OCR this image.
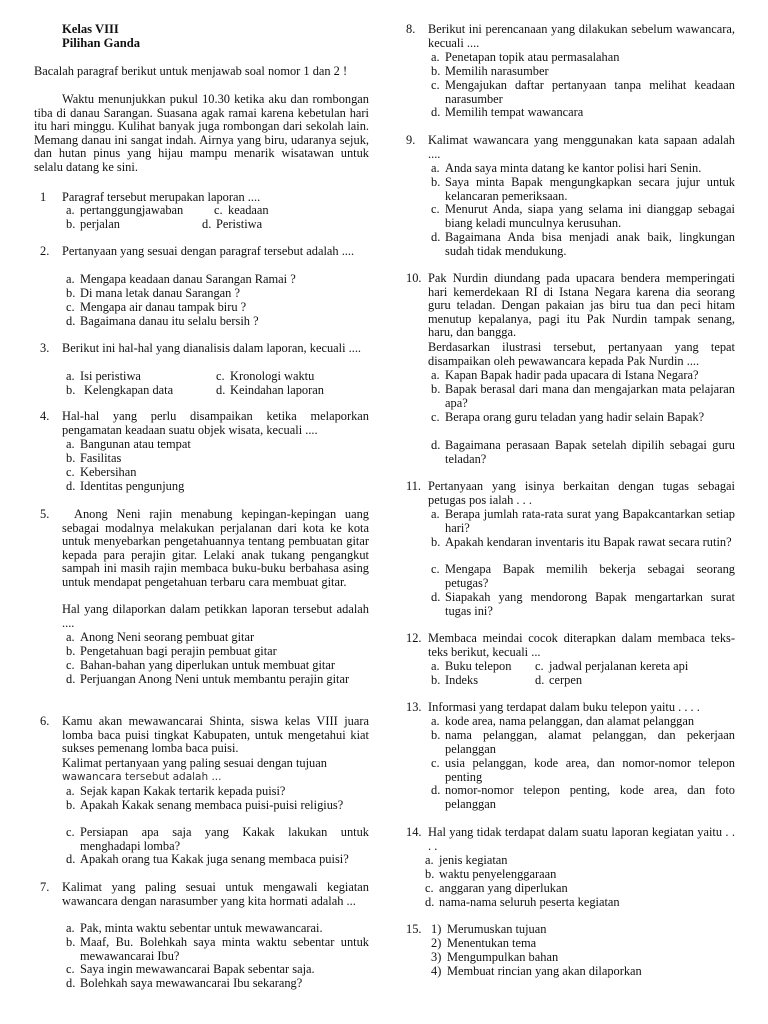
Kelas VIII
Pilihan Ganda

Bacalah paragraf berikut untuk menjawab soal nomor 1 dan 2 !

Waktu menunjukkan pukul 10.30 ketika aku dan rombongan tiba di danau Sarangan. Suasana agak ramai karena kebetulan hari itu hari minggu. Kulihat banyak juga rombongan dari sekolah lain. Memang danau ini sangat indah. Airnya yang biru, udaranya sejuk, dan hutan pinus yang hijau mampu menarik wisatawan untuk selalu datang ke sini.

1 Paragraf tersebut merupakan laporan ....
a. pertanggungjawaban c. keadaan
b. perjalan	d. Peristiwa
2. Pertanyaan yang sesuai dengan paragraf tersebut adalah ....
a. Mengapa keadaan danau Sarangan Ramai ?
b. Di mana letak danau Sarangan ?
c. Mengapa air danau tampak biru ?
d. Bagaimana danau itu selalu bersih ?
3. Berikut ini hal-hal yang dianalisis dalam laporan, kecuali ....
a. Isi peristiwa	c. Kronologi waktu
b. Kelengkapan data	d. Keindahan laporan
4. Hal-hal yang perlu disampaikan ketika melaporkan pengamatan keadaan suatu objek wisata, kecuali ....
a. Bangunan atau tempat
b. Fasilitas
c. Kebersihan
d. Identitas pengunjung
5.	Anong Neni rajin menabung kepingan-kepingan uang sebagai modalnya melakukan perjalanan dari kota ke kota untuk menyebarkan pengetahuannya tentang pembuatan gitar kepada para perajin gitar. Lelaki anak tukang pengangkut sampah ini masih rajin membaca buku-buku berbahasa asing untuk mendapat pengetahuan terbaru cara membuat gitar.

Hal yang dilaporkan dalam petikkan laporan tersebut adalah ....

a. Anong Neni seorang pembuat gitar
b. Pengetahuan bagi perajin pembuat gitar
c. Bahan-bahan yang diperlukan untuk membuat gitar
d. Perjuangan Anong Neni untuk membantu perajin gitar
6. Kamu akan mewawancarai Shinta, siswa kelas VIII juara lomba baca puisi tingkat Kabupaten, untuk mengetahui kiat sukses pemenang lomba baca puisi.

Kalimat pertanyaan yang paling sesuai dengan tujuan

wawancara tersebut adalah ...

a. Sejak kapan Kakak tertarik kepada puisi?
b. Apakah Kakak senang membaca puisi-puisi religius?
c. Persiapan apa saja yang Kakak lakukan untuk menghadapi lomba?
d. Apakah orang tua Kakak juga senang membaca puisi?
7. Kalimat yang paling sesuai untuk mengawali kegiatan wawancara dengan narasumber yang kita hormati adalah ...
a. Pak, minta waktu sebentar untuk mewawancarai.
b. Maaf, Bu. Bolehkah saya minta waktu sebentar untuk mewawancarai Ibu?
c. Saya ingin mewawancarai Bapak sebentar saja.
d. Bolehkah saya mewawancarai Ibu sekarang?
8. Berikut ini perencanaan yang dilakukan sebelum wawancara, kecuali ....
a. Penetapan topik atau permasalahan
b. Memilih narasumber
c. Mengajukan daftar pertanyaan tanpa melihat keadaan narasumber
d. Memilih tempat wawancara
9. Kalimat wawancara yang menggunakan kata sapaan adalah ....
a. Anda saya minta datang ke kantor polisi hari Senin.
b. Saya minta Bapak mengungkapkan secara jujur untuk kelancaran pemeriksaan.
c. Menurut Anda, siapa yang selama ini dianggap sebagai biang keladi munculnya kerusuhan.
d. Bagaimana Anda bisa menjadi anak baik, lingkungan sudah tidak mendukung.
10. Pak Nurdin diundang pada upacara bendera memperingati hari kemerdekaan RI di Istana Negara karena dia seorang guru teladan. Dengan pakaian jas biru tua dan peci hitam menutup kepalanya, pagi itu Pak Nurdin tampak senang, haru, dan bangga.

Berdasarkan ilustrasi tersebut, pertanyaan yang tepat disampaikan oleh pewawancara kepada Pak Nurdin ....

a. Kapan Bapak hadir pada upacara di Istana Negara?
b. Bapak berasal dari mana dan mengajarkan mata pelajaran apa?
c. Berapa orang guru teladan yang hadir selain Bapak?
d. Bagaimana perasaan Bapak setelah dipilih sebagai guru teladan?
11. Pertanyaan yang isinya berkaitan dengan tugas sebagai petugas pos ialah . . .
a. Berapa jumlah rata-rata surat yang Bapakcantarkan setiap hari?
b. Apakah kendaran inventaris itu Bapak rawat secara rutin?
c. Mengapa Bapak memilih bekerja sebagai seorang petugas?
d. Siapakah yang mendorong Bapak mengartarkan surat tugas ini?
12. Membaca meindai cocok diterapkan dalam membaca teks-teks berikut, kecuali ...
a. Buku telepon c. jadwal perjalanan kereta api
b. Indeks	d. cerpen
13. Informasi yang terdapat dalam buku telepon yaitu . . . .
a. kode area, nama pelanggan, dan alamat pelanggan
b. nama pelanggan, alamat pelanggan, dan pekerjaan pelanggan
c. usia pelanggan, kode area, dan nomor-nomor telepon penting
d. nomor-nomor telepon penting, kode area, dan foto pelanggan
14. Hal yang tidak terdapat dalam suatu laporan kegiatan yaitu . . . .
a. jenis kegiatan
b. waktu penyelenggaraan
c. anggaran yang diperlukan
d. nama-nama seluruh peserta kegiatan
15. 1) Merumuskan tujuan
2) Menentukan tema
3) Mengumpulkan bahan
4) Membuat rincian yang akan dilaporkan
